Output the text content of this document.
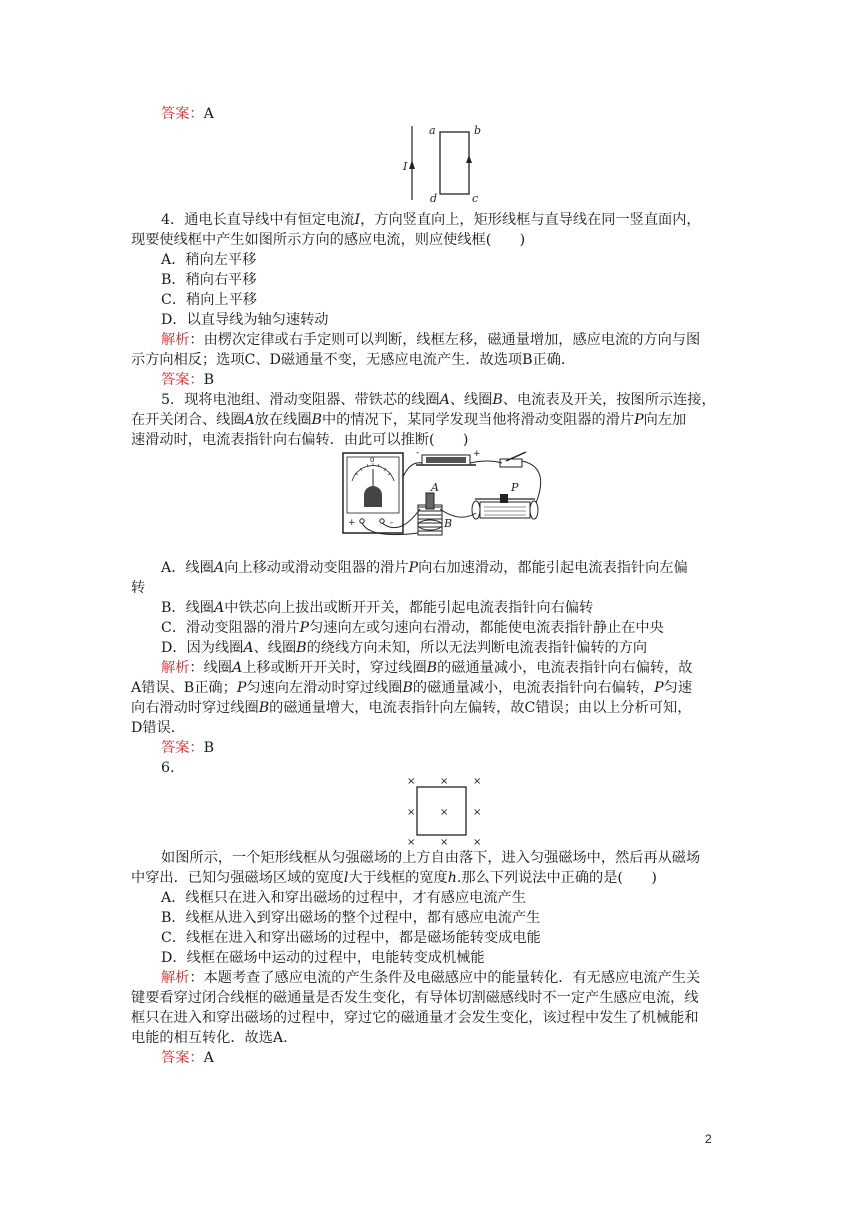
答案：A
I
a	b
c
d
4．通电长直导线中有恒定电流I，方向竖直向上，矩形线框与直导线在同一竖直面内，
现要使线框中产生如图所示方向的感应电流，则应使线框(　　)
A．稍向左平移
B．稍向右平移
C．稍向上平移
D．以直导线为轴匀速转动
解析：由楞次定律或右手定则可以判断，线框左移，磁通量增加，感应电流的方向与图
示方向相反；选项C、D磁通量不变，无感应电流产生．故选项B正确．
答案：B
5．现将电池组、滑动变阻器、带铁芯的线圈A、线圈B、电流表及开关，按图所示连接，
在开关闭合、线圈A放在线圈B中的情况下，某同学发现当他将滑动变阻器的滑片P向左加
速滑动时，电流表指针向右偏转．由此可以推断(　　)
0
+	-
-	+
P
A
B
A．线圈A向上移动或滑动变阻器的滑片P向右加速滑动，都能引起电流表指针向左偏
转
B．线圈A中铁芯向上拔出或断开开关，都能引起电流表指针向右偏转
C．滑动变阻器的滑片P匀速向左或匀速向右滑动，都能使电流表指针静止在中央
D．因为线圈A、线圈B的绕线方向未知，所以无法判断电流表指针偏转的方向
解析：线圈A上移或断开开关时，穿过线圈B的磁通量减小，电流表指针向右偏转，故
A错误、B正确；P匀速向左滑动时穿过线圈B的磁通量减小，电流表指针向右偏转，P匀速
向右滑动时穿过线圈B的磁通量增大，电流表指针向左偏转，故C错误；由以上分析可知，
D错误．
答案：B
6.
× × ×
× × ×
× × ×
如图所示，一个矩形线框从匀强磁场的上方自由落下，进入匀强磁场中，然后再从磁场
中穿出．已知匀强磁场区域的宽度l大于线框的宽度h.那么下列说法中正确的是(　　)
A．线框只在进入和穿出磁场的过程中，才有感应电流产生
B．线框从进入到穿出磁场的整个过程中，都有感应电流产生
C．线框在进入和穿出磁场的过程中，都是磁场能转变成电能
D．线框在磁场中运动的过程中，电能转变成机械能
解析：本题考查了感应电流的产生条件及电磁感应中的能量转化．有无感应电流产生关
键要看穿过闭合线框的磁通量是否发生变化，有导体切割磁感线时不一定产生感应电流，线
框只在进入和穿出磁场的过程中，穿过它的磁通量才会发生变化，该过程中发生了机械能和
电能的相互转化．故选A.
答案：A
2
